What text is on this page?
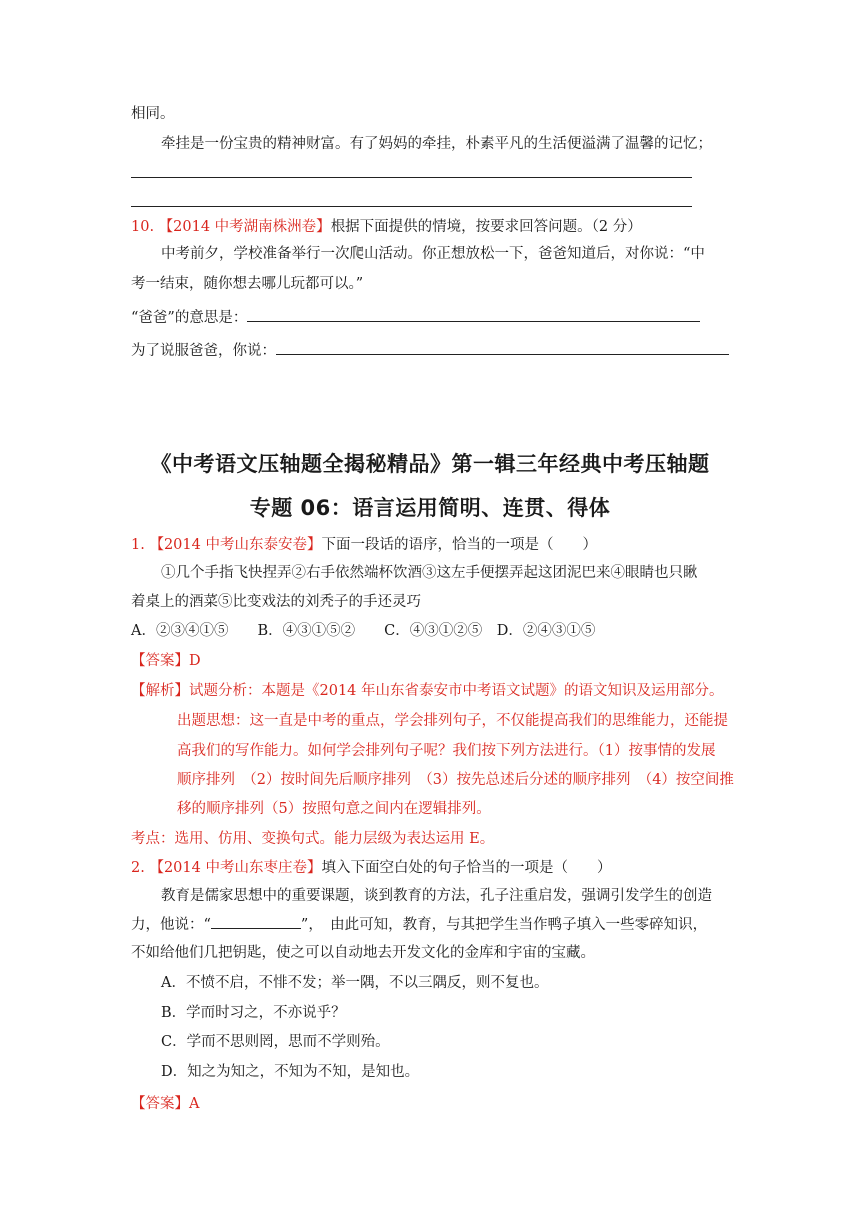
相同。
牵挂是一份宝贵的精神财富。有了妈妈的牵挂，朴素平凡的生活便溢满了温馨的记忆；
10. 【2014 中考湖南株洲卷】根据下面提供的情境，按要求回答问题。（2 分）
中考前夕，学校准备举行一次爬山活动。你正想放松一下，爸爸知道后，对你说：“中
考一结束，随你想去哪儿玩都可以。”
“爸爸”的意思是：
为了说服爸爸，你说：
《中考语文压轴题全揭秘精品》第一辑三年经典中考压轴题
专题 06：语言运用简明、连贯、得体
1. 【2014 中考山东泰安卷】下面一段话的语序，恰当的一项是（　　）
①几个手指飞快捏弄②右手依然端杯饮酒③这左手便摆弄起这团泥巴来④眼睛也只瞅
着桌上的酒菜⑤比变戏法的刘秃子的手还灵巧
A．②③④①⑤　　B．④③①⑤②　　C．④③①②⑤　D．②④③①⑤
【答案】D
【解析】试题分析：本题是《2014 年山东省泰安市中考语文试题》的语文知识及运用部分。
出题思想：这一直是中考的重点，学会排列句子，不仅能提高我们的思维能力，还能提
高我们的写作能力。如何学会排列句子呢？我们按下列方法进行。（1）按事情的发展
顺序排列　（2）按时间先后顺序排列　（3）按先总述后分述的顺序排列　（4）按空间推
移的顺序排列（5）按照句意之间内在逻辑排列。
考点：选用、仿用、变换句式。能力层级为表达运用 E。
2. 【2014 中考山东枣庄卷】填入下面空白处的句子恰当的一项是（　　）
教育是儒家思想中的重要课题，谈到教育的方法，孔子注重启发，强调引发学生的创造
力，他说：“	”，　由此可知，教育，与其把学生当作鸭子填入一些零碎知识，
不如给他们几把钥匙，使之可以自动地去开发文化的金库和宇宙的宝藏。
A．不愤不启，不悱不发；举一隅，不以三隅反，则不复也。
B．学而时习之，不亦说乎？
C．学而不思则罔，思而不学则殆。
D．知之为知之，不知为不知，是知也。
【答案】A
